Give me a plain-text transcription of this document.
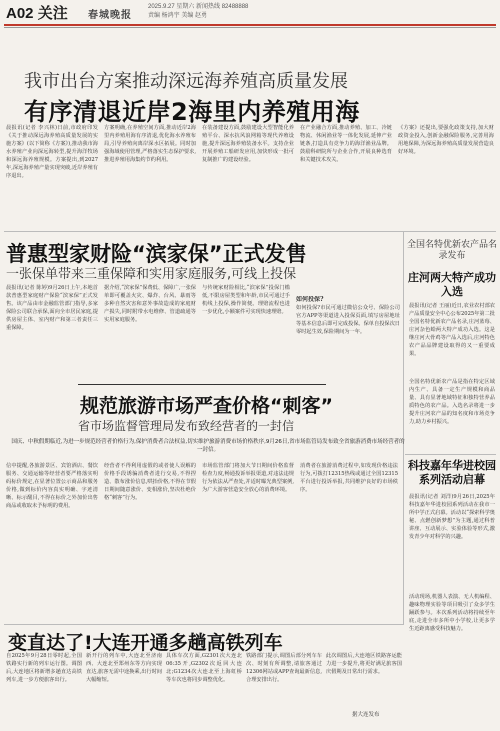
A02 关注 春城晚报
2025.9.27 星期六 新闻热线 82488888
责编 杨鸿宇 美编 赵勇
我市出台方案推动深远海养殖高质量发展
有序清退近岸2海里内养殖用海
晨报讯(记者 李兴林)日前,市政府印发《关于推动深远海养殖高质量发展的实施方案》(以下简称《方案》),推动我市海水养殖产业向深远海转型,提升海洋牧场和深远海养殖规模。方案提出,到2027年,深远海养殖产量实现突破,近岸养殖有序退出。
方案明确,在养殖空间方面,推动近岸2海里内养殖用海有序清退,优化海水养殖布局,引导养殖向离岸深水区拓展。同时加强海域使用管理,严格落实生态保护要求,推进养殖用海集约节约利用。
在装备建设方面,鼓励建设大型智能化养殖平台、深水抗风浪网箱等现代养殖设施,提升深远海养殖装备水平。支持企业开展养殖工船研发应用,加快形成一批可复制推广的建设经验。
在产业融合方面,推动养殖、加工、冷链物流、休闲渔业等一体化发展,延伸产业链条,打造具有竞争力的海洋渔业品牌。鼓励科研院所与企业合作,开展良种选育和关键技术攻关。
《方案》还提出,要强化政策支持,加大财政资金投入,创新金融保险服务,完善用海用地保障,为深远海养殖高质量发展营造良好环境。
普惠型家财险“滨家保”正式发售
一张保单带来三重保障和实用家庭服务,可线上投保
晨报讯(记者 陈婷)9月26日上午,本地首款普惠型家庭财产保险“滨家保”正式发售。该产品由市金融监管部门指导,多家保险公司联合承保,面向全市居民家庭,提供房屋主体、室内财产和第三者责任三重保障。
据介绍,“滨家保”保费低、保障广,一张保单即可覆盖火灾、爆炸、台风、暴雨等多种自然灾害和意外事故造成的家庭财产损失,同时附带水电维修、管道疏通等实用家庭服务。
与传统家财险相比,“滨家保”投保门槛低,不限房屋类型和年龄,市民可通过手机线上投保,操作简便。理赔流程也进一步优化,小额案件可实现快速理赔。
如何投保?
如何投保?市民可通过微信公众号、保险公司官方APP等渠道进入投保页面,填写房屋地址等基本信息后即可完成投保。保单自投保次日零时起生效,保险期间为一年。
规范旅游市场严查价格“刺客”
省市场监督管理局发布致经营者的一封信
国庆、中秋假期临近,为进一步规范经营者价格行为,保护消费者合法权益,切实维护旅游消费市场价格秩序,9月26日,省市场监管局发布致全省旅游消费市场经营者的一封信。
信中提醒,各旅游景区、宾馆酒店、餐饮服务、交通运输等经营者要严格落实明码标价规定,在显著位置公示商品和服务价格,做到标价内容真实明确、字迹清晰、标示醒目,不得在标价之外加价出售商品或收取未予标明的费用。
经营者不得利用虚假的或者使人误解的价格手段诱骗消费者进行交易,不得捏造、散布涨价信息,哄抬价格,不得在节假日期间随意涨价、变相涨价,坚决杜绝价格“刺客”行为。
市场监管部门将加大节日期间价格监督检查力度,畅通投诉举报渠道,对违法违规行为依法从严查处,并适时曝光典型案例,为广大游客营造安全放心的消费环境。
消费者在旅游消费过程中,如发现价格违法行为,可拨打12315热线或通过全国12315平台进行投诉举报,共同维护良好的市场秩序。
全国名特优新农产品名录发布
庄河两大特产成功入选
晨报讯(记者 王丽)近日,农业农村部农产品质量安全中心公布2025年第二批全国名特优新农产品名录,庄河蓝莓、庄河杂色蛤两大特产成功入选。这是继庄河大骨鸡等产品入选后,庄河特色农产品品牌建设取得的又一重要成果。
全国名特优新农产品是指在特定区域内生产、具备一定生产规模和商品量、具有显著地域特征和独特营养品质特色的农产品。入选名录将进一步提升庄河农产品的知名度和市场竞争力,助力乡村振兴。
科技嘉年华进校园系列活动启幕
晨报讯(记者 刘洋)9月26日,2025年科技嘉年华进校园系列活动在我市一所中学正式启幕。活动以“探索科学奥秘、点燃创新梦想”为主题,通过科普讲座、互动展示、实验体验等形式,激发青少年对科学的兴趣。
活动现场,机器人表演、无人机编程、趣味物理实验等项目吸引了众多学生踊跃参与。本次系列活动将持续至年底,走进全市多所中小学校,让更多学生近距离感受科技魅力。
变直达了!大连开通多趟高铁列车
自2025年9月28日零时起,全国铁路实行新的列车运行图。调图后,大连地区将新增多趟直达高铁列车,进一步方便旅客出行。
新开行的列车中,大连北至济南西、大连北至郑州东等方向实现直达,旅客无需中途换乘,出行时间大幅缩短。
具体车次方面,G2301次大连北06:35开,G2302次返回大连北;G1234次大连北至上海虹桥等车次也将同步调整优化。
铁路部门提示,调图后部分列车车次、时刻有所调整,请旅客通过12306网站或APP查询最新信息,合理安排出行。
此次调图后,大连地区铁路客运能力进一步提升,将更好满足旅客国庆假期及日常出行需求。
据大连发布
